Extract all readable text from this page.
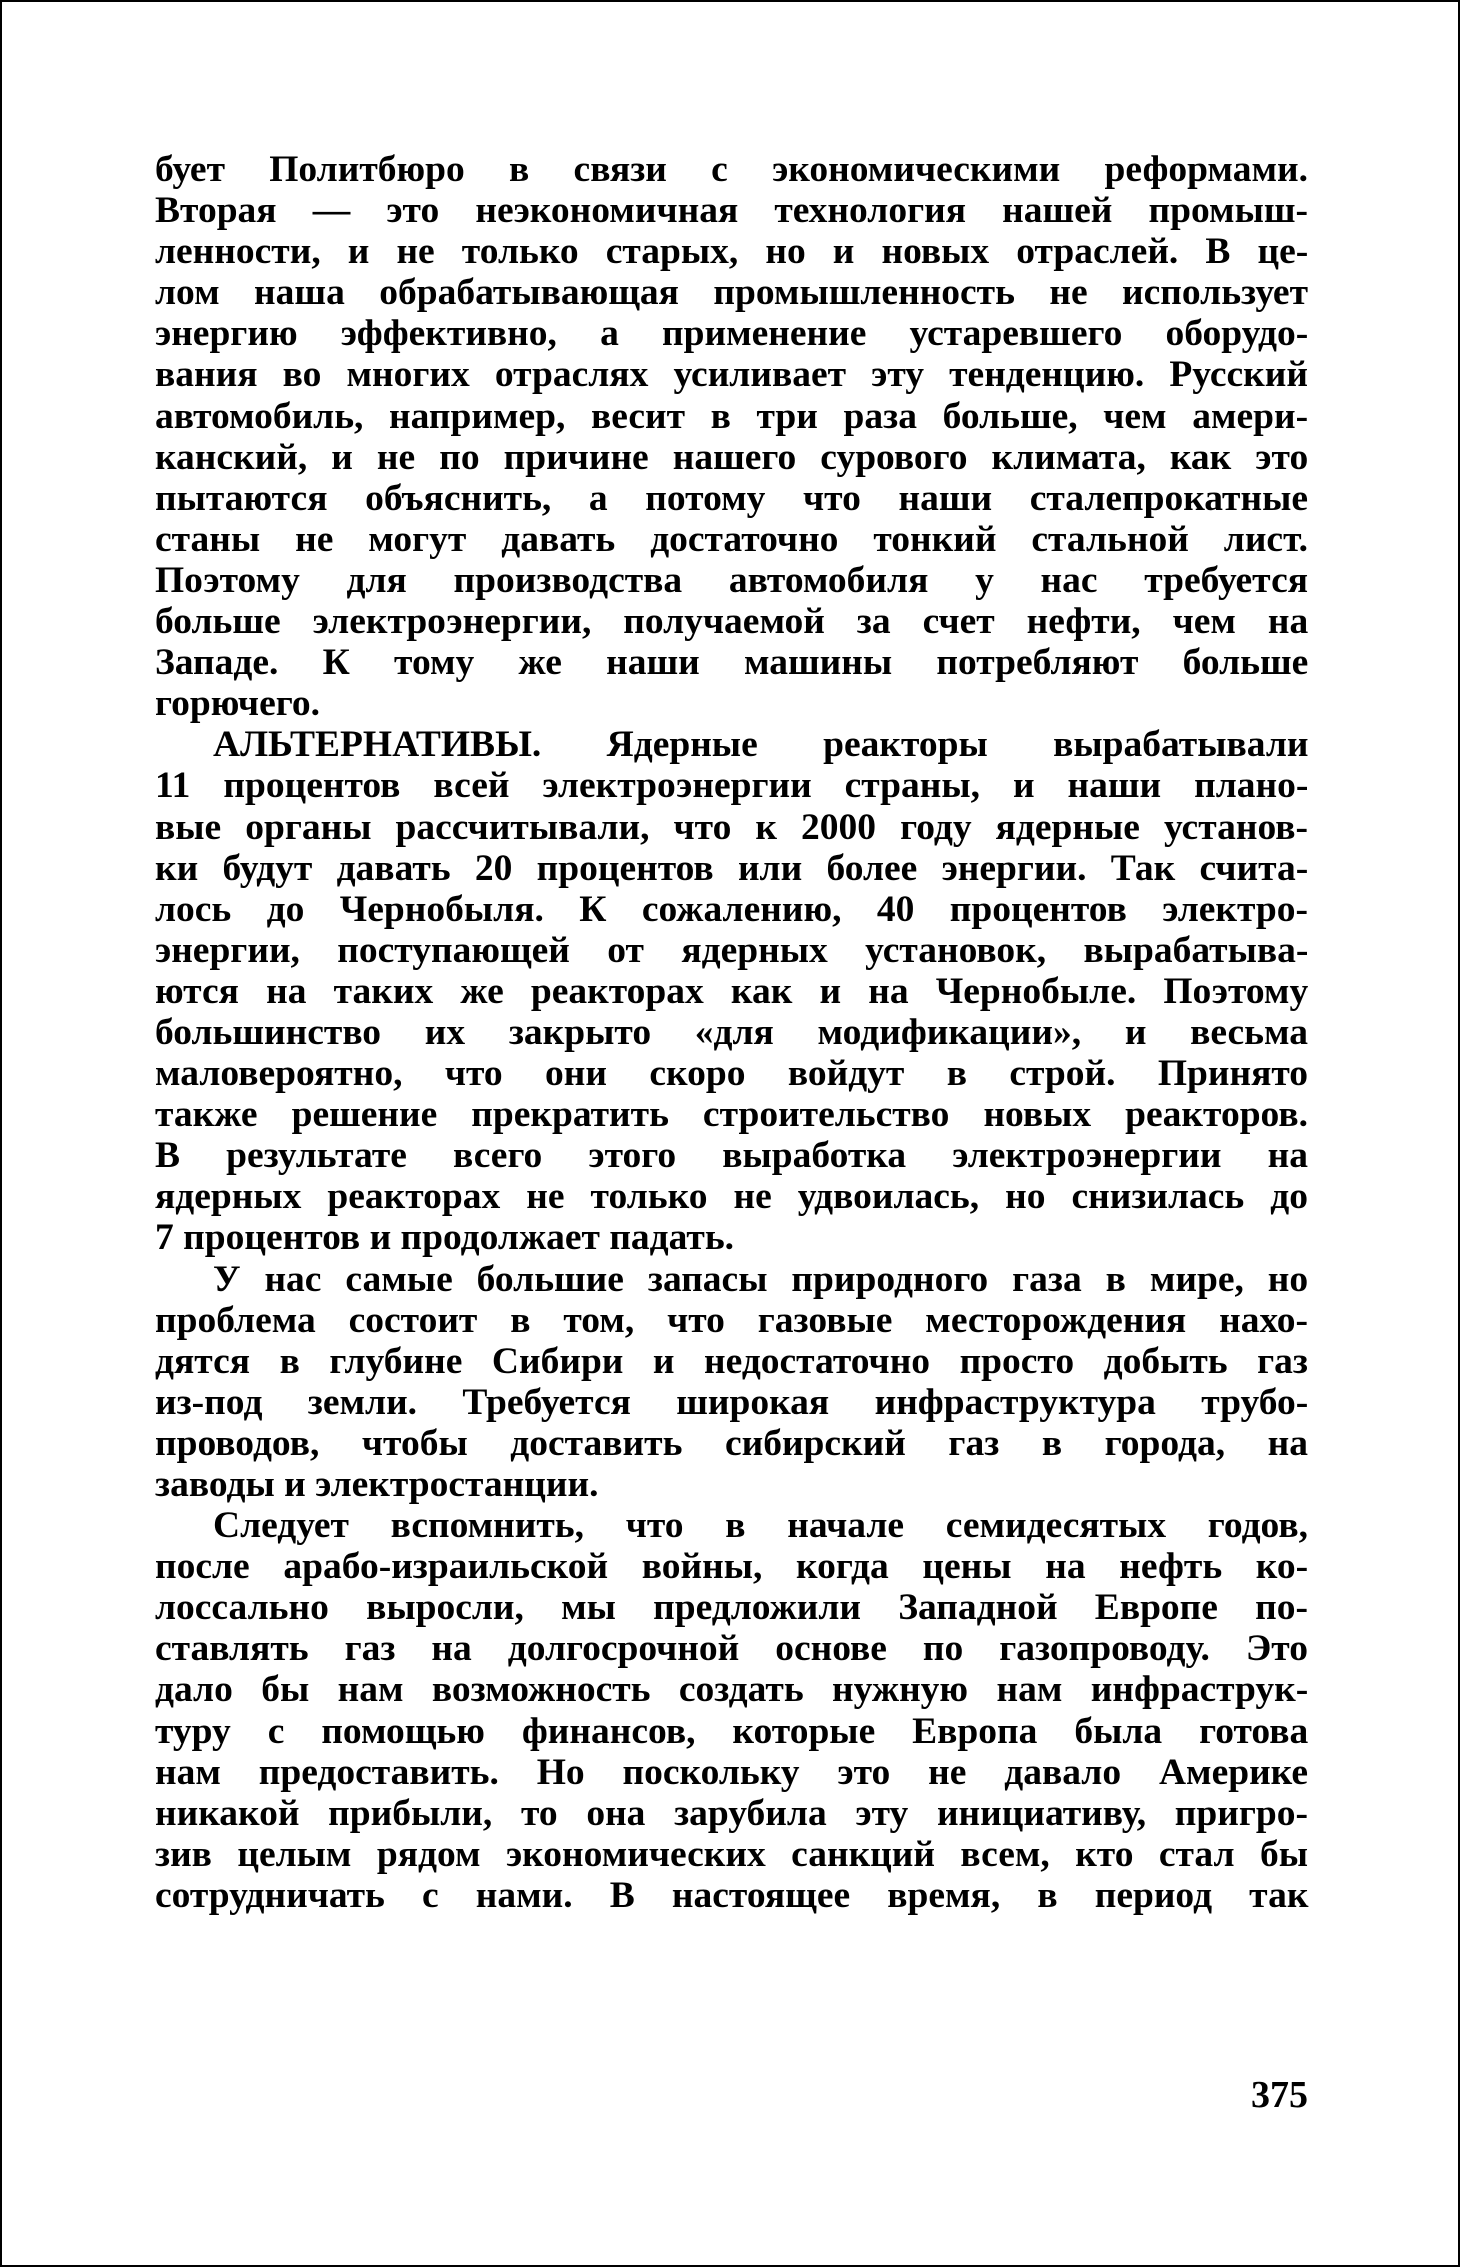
бует Политбюро в связи с экономическими реформами.
Вторая — это неэкономичная технология нашей промыш-
ленности, и не только старых, но и новых отраслей. В це-
лом наша обрабатывающая промышленность не использует
энергию эффективно, а применение устаревшего оборудо-
вания во многих отраслях усиливает эту тенденцию. Русский
автомобиль, например, весит в три раза больше, чем амери-
канский, и не по причине нашего сурового климата, как это
пытаются объяснить, а потому что наши сталепрокатные
станы не могут давать достаточно тонкий стальной лист.
Поэтому для производства автомобиля у нас требуется
больше электроэнергии, получаемой за счет нефти, чем на
Западе. К тому же наши машины потребляют больше
горючего.
АЛЬТЕРНАТИВЫ. Ядерные реакторы вырабатывали
11 процентов всей электроэнергии страны, и наши плано-
вые органы рассчитывали, что к 2000 году ядерные установ-
ки будут давать 20 процентов или более энергии. Так счита-
лось до Чернобыля. К сожалению, 40 процентов электро-
энергии, поступающей от ядерных установок, вырабатыва-
ются на таких же реакторах как и на Чернобыле. Поэтому
большинство их закрыто «для модификации», и весьма
маловероятно, что они скоро войдут в строй. Принято
также решение прекратить строительство новых реакторов.
В результате всего этого выработка электроэнергии на
ядерных реакторах не только не удвоилась, но снизилась до
7 процентов и продолжает падать.
У нас самые большие запасы природного газа в мире, но
проблема состоит в том, что газовые месторождения нахо-
дятся в глубине Сибири и недостаточно просто добыть газ
из-под земли. Требуется широкая инфраструктура трубо-
проводов, чтобы доставить сибирский газ в города, на
заводы и электростанции.
Следует вспомнить, что в начале семидесятых годов,
после арабо-израильской войны, когда цены на нефть ко-
лоссально выросли, мы предложили Западной Европе по-
ставлять газ на долгосрочной основе по газопроводу. Это
дало бы нам возможность создать нужную нам инфраструк-
туру с помощью финансов, которые Европа была готова
нам предоставить. Но поскольку это не давало Америке
никакой прибыли, то она зарубила эту инициативу, пригро-
зив целым рядом экономических санкций всем, кто стал бы
сотрудничать с нами. В настоящее время, в период так
375
